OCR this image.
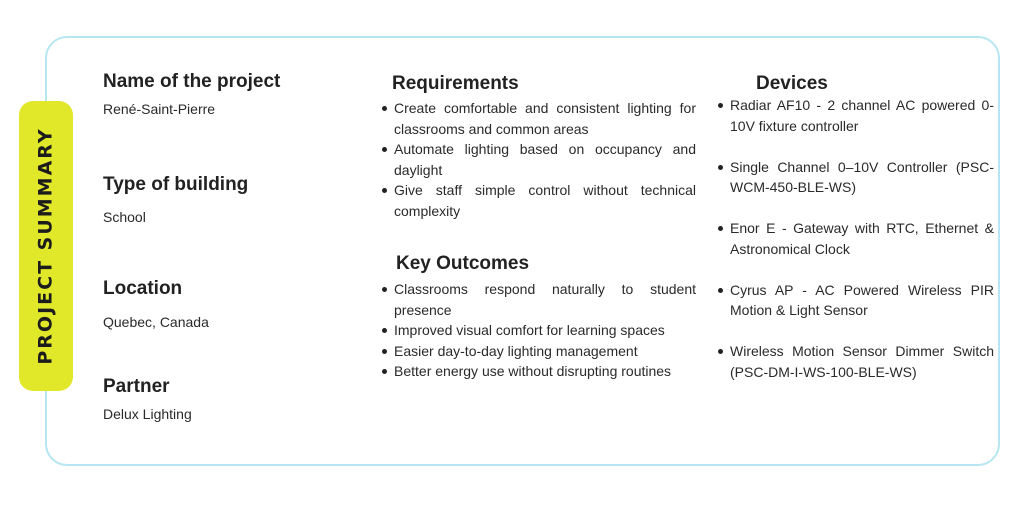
PROJECT SUMMARY
Name of the project

René-Saint-Pierre

Type of building

School

Location

Quebec, Canada

Partner

Delux Lighting

Requirements
Create comfortable and consistent lighting for classrooms and common areas
Automate lighting based on occupancy and daylight
Give staff simple control without technical complexity
Key Outcomes
Classrooms respond naturally to student presence
Improved visual comfort for learning spaces
Easier day-to-day lighting management
Better energy use without disrupting routines
Devices
Radiar AF10 - 2 channel AC powered 0-10V fixture controller
Single Channel 0–10V Controller (PSC-WCM-450-BLE-WS)
Enor E - Gateway with RTC, Ethernet & Astronomical Clock
Cyrus AP - AC Powered Wireless PIR Motion & Light Sensor
Wireless Motion Sensor Dimmer Switch (PSC-DM-I-WS-100-BLE-WS)
